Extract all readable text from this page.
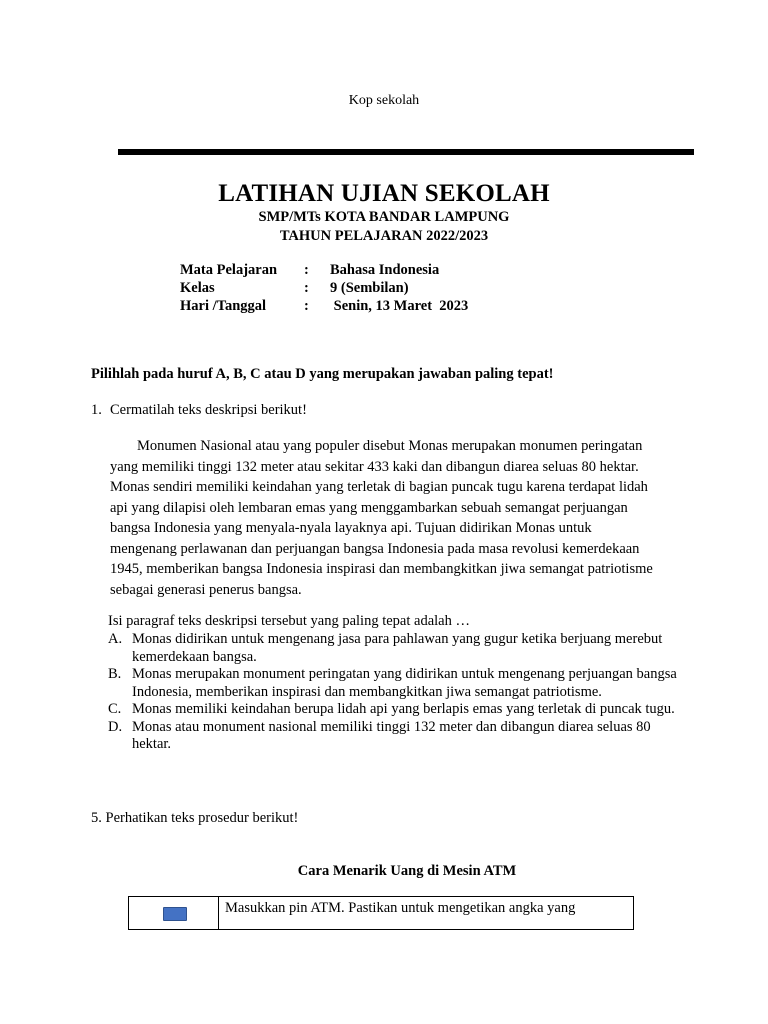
Kop sekolah
LATIHAN UJIAN SEKOLAH
SMP/MTs KOTA BANDAR LAMPUNG
TAHUN PELAJARAN 2022/2023
Mata Pelajaran	:	Bahasa Indonesia
Kelas	:	9 (Sembilan)
Hari /Tanggal	:	Senin, 13 Maret  2023
Pilihlah pada huruf A, B, C atau D yang merupakan jawaban paling tepat!
1. Cermatilah teks deskripsi berikut!
Monumen Nasional atau yang populer disebut Monas merupakan monumen peringatan
yang memiliki tinggi 132 meter atau sekitar 433 kaki dan dibangun diarea seluas 80 hektar.
Monas sendiri memiliki keindahan yang terletak di bagian puncak tugu karena terdapat lidah
api yang dilapisi oleh lembaran emas yang menggambarkan sebuah semangat perjuangan
bangsa Indonesia yang menyala-nyala layaknya api. Tujuan didirikan Monas untuk
mengenang perlawanan dan perjuangan bangsa Indonesia pada masa revolusi kemerdekaan
1945, memberikan bangsa Indonesia inspirasi dan membangkitkan jiwa semangat patriotisme
sebagai generasi penerus bangsa.
Isi paragraf teks deskripsi tersebut yang paling tepat adalah …
A. Monas didirikan untuk mengenang jasa para pahlawan yang gugur ketika berjuang merebut kemerdekaan bangsa.
B. Monas merupakan monument peringatan yang didirikan untuk mengenang perjuangan bangsa Indonesia, memberikan inspirasi dan membangkitkan jiwa semangat patriotisme.
C. Monas memiliki keindahan berupa lidah api yang berlapis emas yang terletak di puncak tugu.
D. Monas atau monument nasional memiliki tinggi 132 meter dan dibangun diarea seluas 80 hektar.
5. Perhatikan teks prosedur berikut!
Cara Menarik Uang di Mesin ATM
Masukkan pin ATM. Pastikan untuk mengetikan angka yang
